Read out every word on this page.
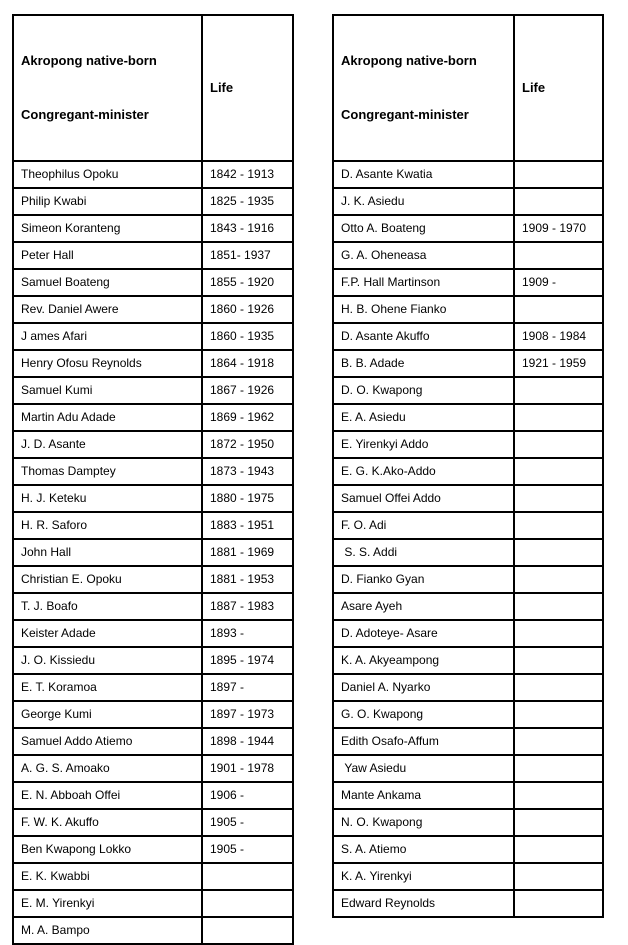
Akropong native-born

Congregant-minister	Life
Theophilus Opoku	1842 - 1913
Philip Kwabi	1825 - 1935
Simeon Koranteng	1843 - 1916
Peter Hall	1851- 1937
Samuel Boateng	1855 - 1920
Rev. Daniel Awere	1860 - 1926
J ames Afari	1860 - 1935
Henry Ofosu Reynolds	1864 - 1918
Samuel Kumi	1867 - 1926
Martin Adu Adade	1869 - 1962
J. D. Asante	1872 - 1950
Thomas Damptey	1873 - 1943
H. J. Keteku	1880 - 1975
H. R. Saforo	1883 - 1951
John Hall	1881 - 1969
Christian E. Opoku	1881 - 1953
T. J. Boafo	1887 - 1983
Keister Adade	1893 -
J. O. Kissiedu	1895 - 1974
E. T. Koramoa	1897 -
George Kumi	1897 - 1973
Samuel Addo Atiemo	1898 - 1944
A. G. S. Amoako	1901 - 1978
E. N. Abboah Offei	1906 -
F. W. K. Akuffo	1905 -
Ben Kwapong Lokko	1905 -
E. K. Kwabbi	
E. M. Yirenkyi	
M. A. Bampo	

Akropong native-born

Congregant-minister	Life
D. Asante Kwatia	
J. K. Asiedu	
Otto A. Boateng	1909 - 1970
G. A. Oheneasa	
F.P. Hall Martinson	1909 -
H. B. Ohene Fianko	
D. Asante Akuffo	1908 - 1984
B. B. Adade	1921 - 1959
D. O. Kwapong	
E. A. Asiedu	
E. Yirenkyi Addo	
E. G. K.Ako-Addo	
Samuel Offei Addo	
F. O. Adi	
S. S. Addi	
D. Fianko Gyan	
Asare Ayeh	
D. Adoteye- Asare	
K. A. Akyeampong	
Daniel A. Nyarko	
G. O. Kwapong	
Edith Osafo-Affum	
Yaw Asiedu	
Mante Ankama	
N. O. Kwapong	
S. A. Atiemo	
K. A. Yirenkyi	
Edward Reynolds	
